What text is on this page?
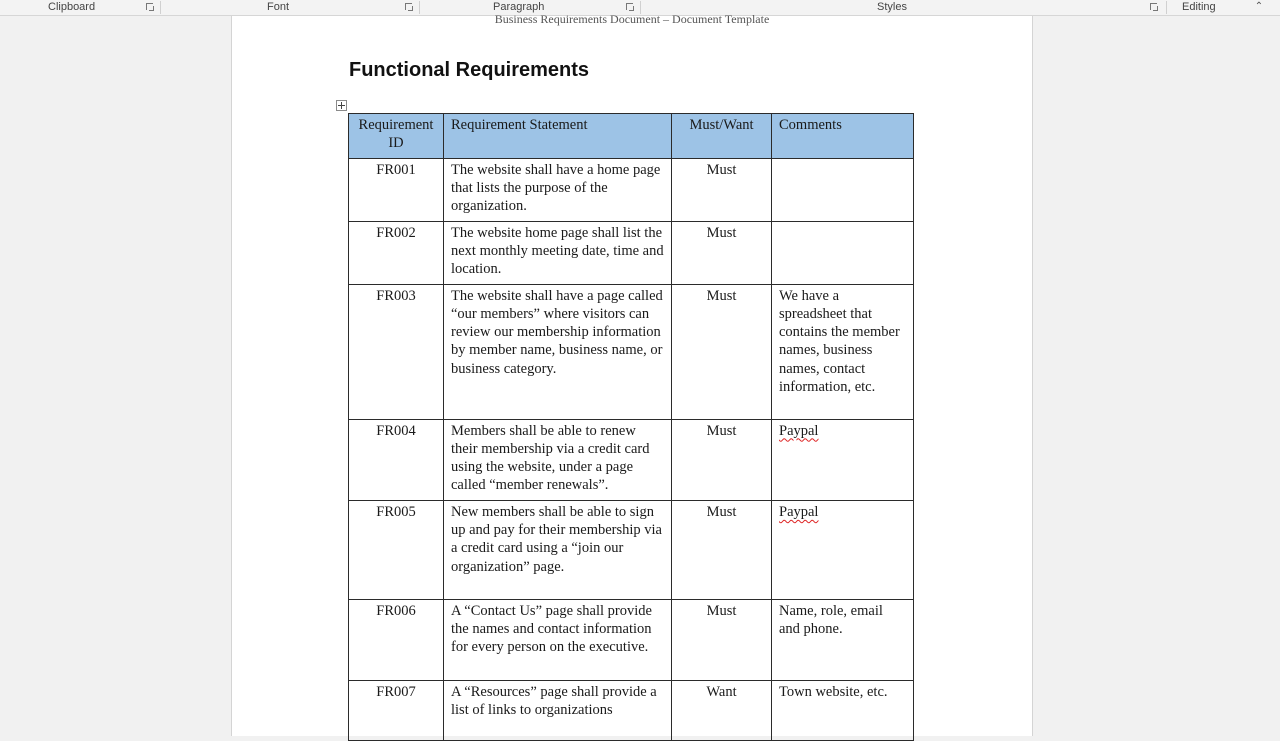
Clipboard	Font	Paragraph	Styles	Editing	⌃
Business Requirements Document – Document Template
Functional Requirements
Requirement ID	Requirement Statement	Must/Want	Comments
FR001	The website shall have a home page that lists the purpose of the organization.	Must	
FR002	The website home page shall list the next monthly meeting date, time and location.	Must	
FR003	The website shall have a page called “our members” where visitors can review our membership information by member name, business name, or business category.	Must	We have a spreadsheet that contains the member names, business names, contact information, etc.
FR004	Members shall be able to renew their membership via a credit card using the website, under a page called “member renewals”.	Must	Paypal
FR005	New members shall be able to sign up and pay for their membership via a credit card using a “join our organization” page.	Must	Paypal
FR006	A “Contact Us” page shall provide the names and contact information for every person on the executive.	Must	Name, role, email and phone.
FR007	A “Resources” page shall provide a list of links to organizations	Want	Town website, etc.
